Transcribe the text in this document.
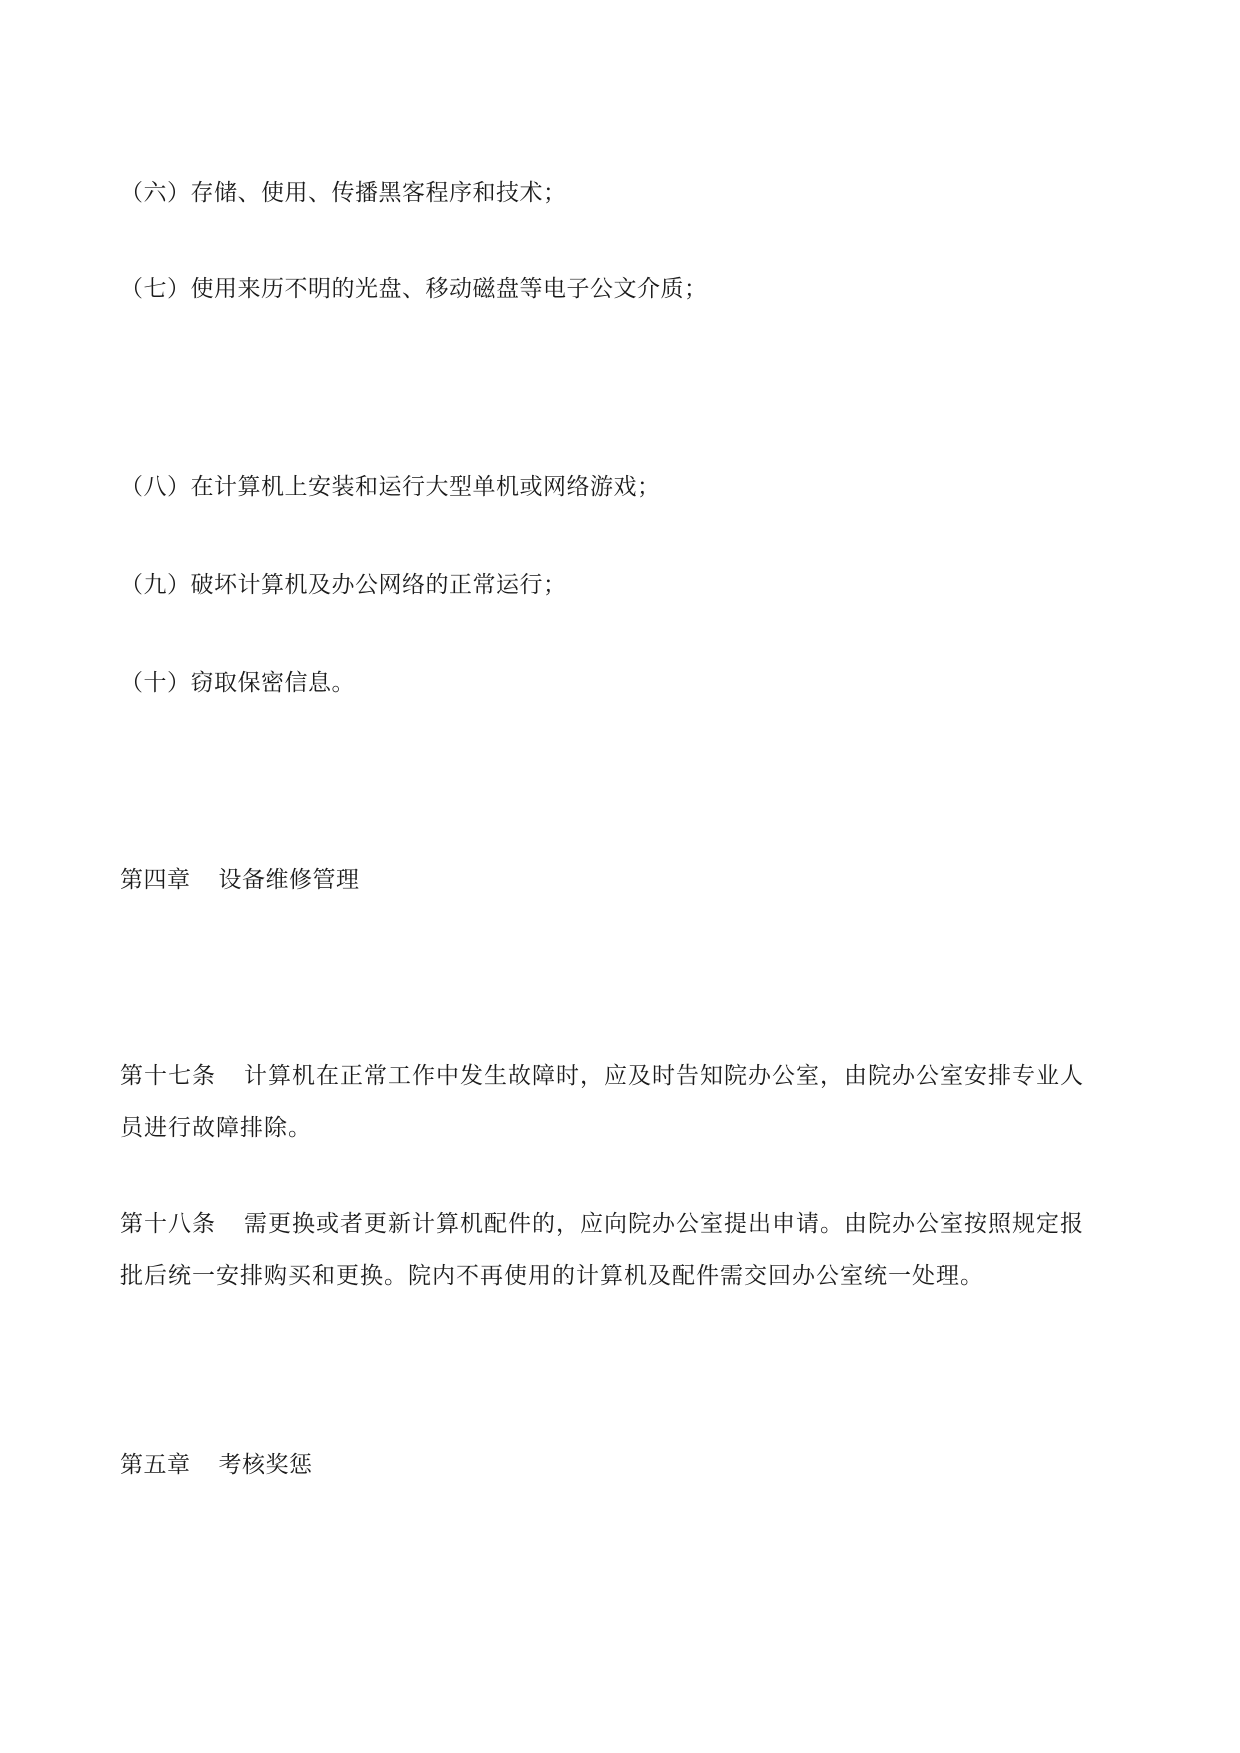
（六）存储、使用、传播黑客程序和技术；
（七）使用来历不明的光盘、移动磁盘等电子公文介质；
（八）在计算机上安装和运行大型单机或网络游戏；
（九）破坏计算机及办公网络的正常运行；
（十）窃取保密信息。
第四章 设备维修管理
第十七条 计算机在正常工作中发生故障时，应及时告知院办公室，由院办公室安排专业人
员进行故障排除。
第十八条 需更换或者更新计算机配件的，应向院办公室提出申请。由院办公室按照规定报
批后统一安排购买和更换。院内不再使用的计算机及配件需交回办公室统一处理。
第五章 考核奖惩
